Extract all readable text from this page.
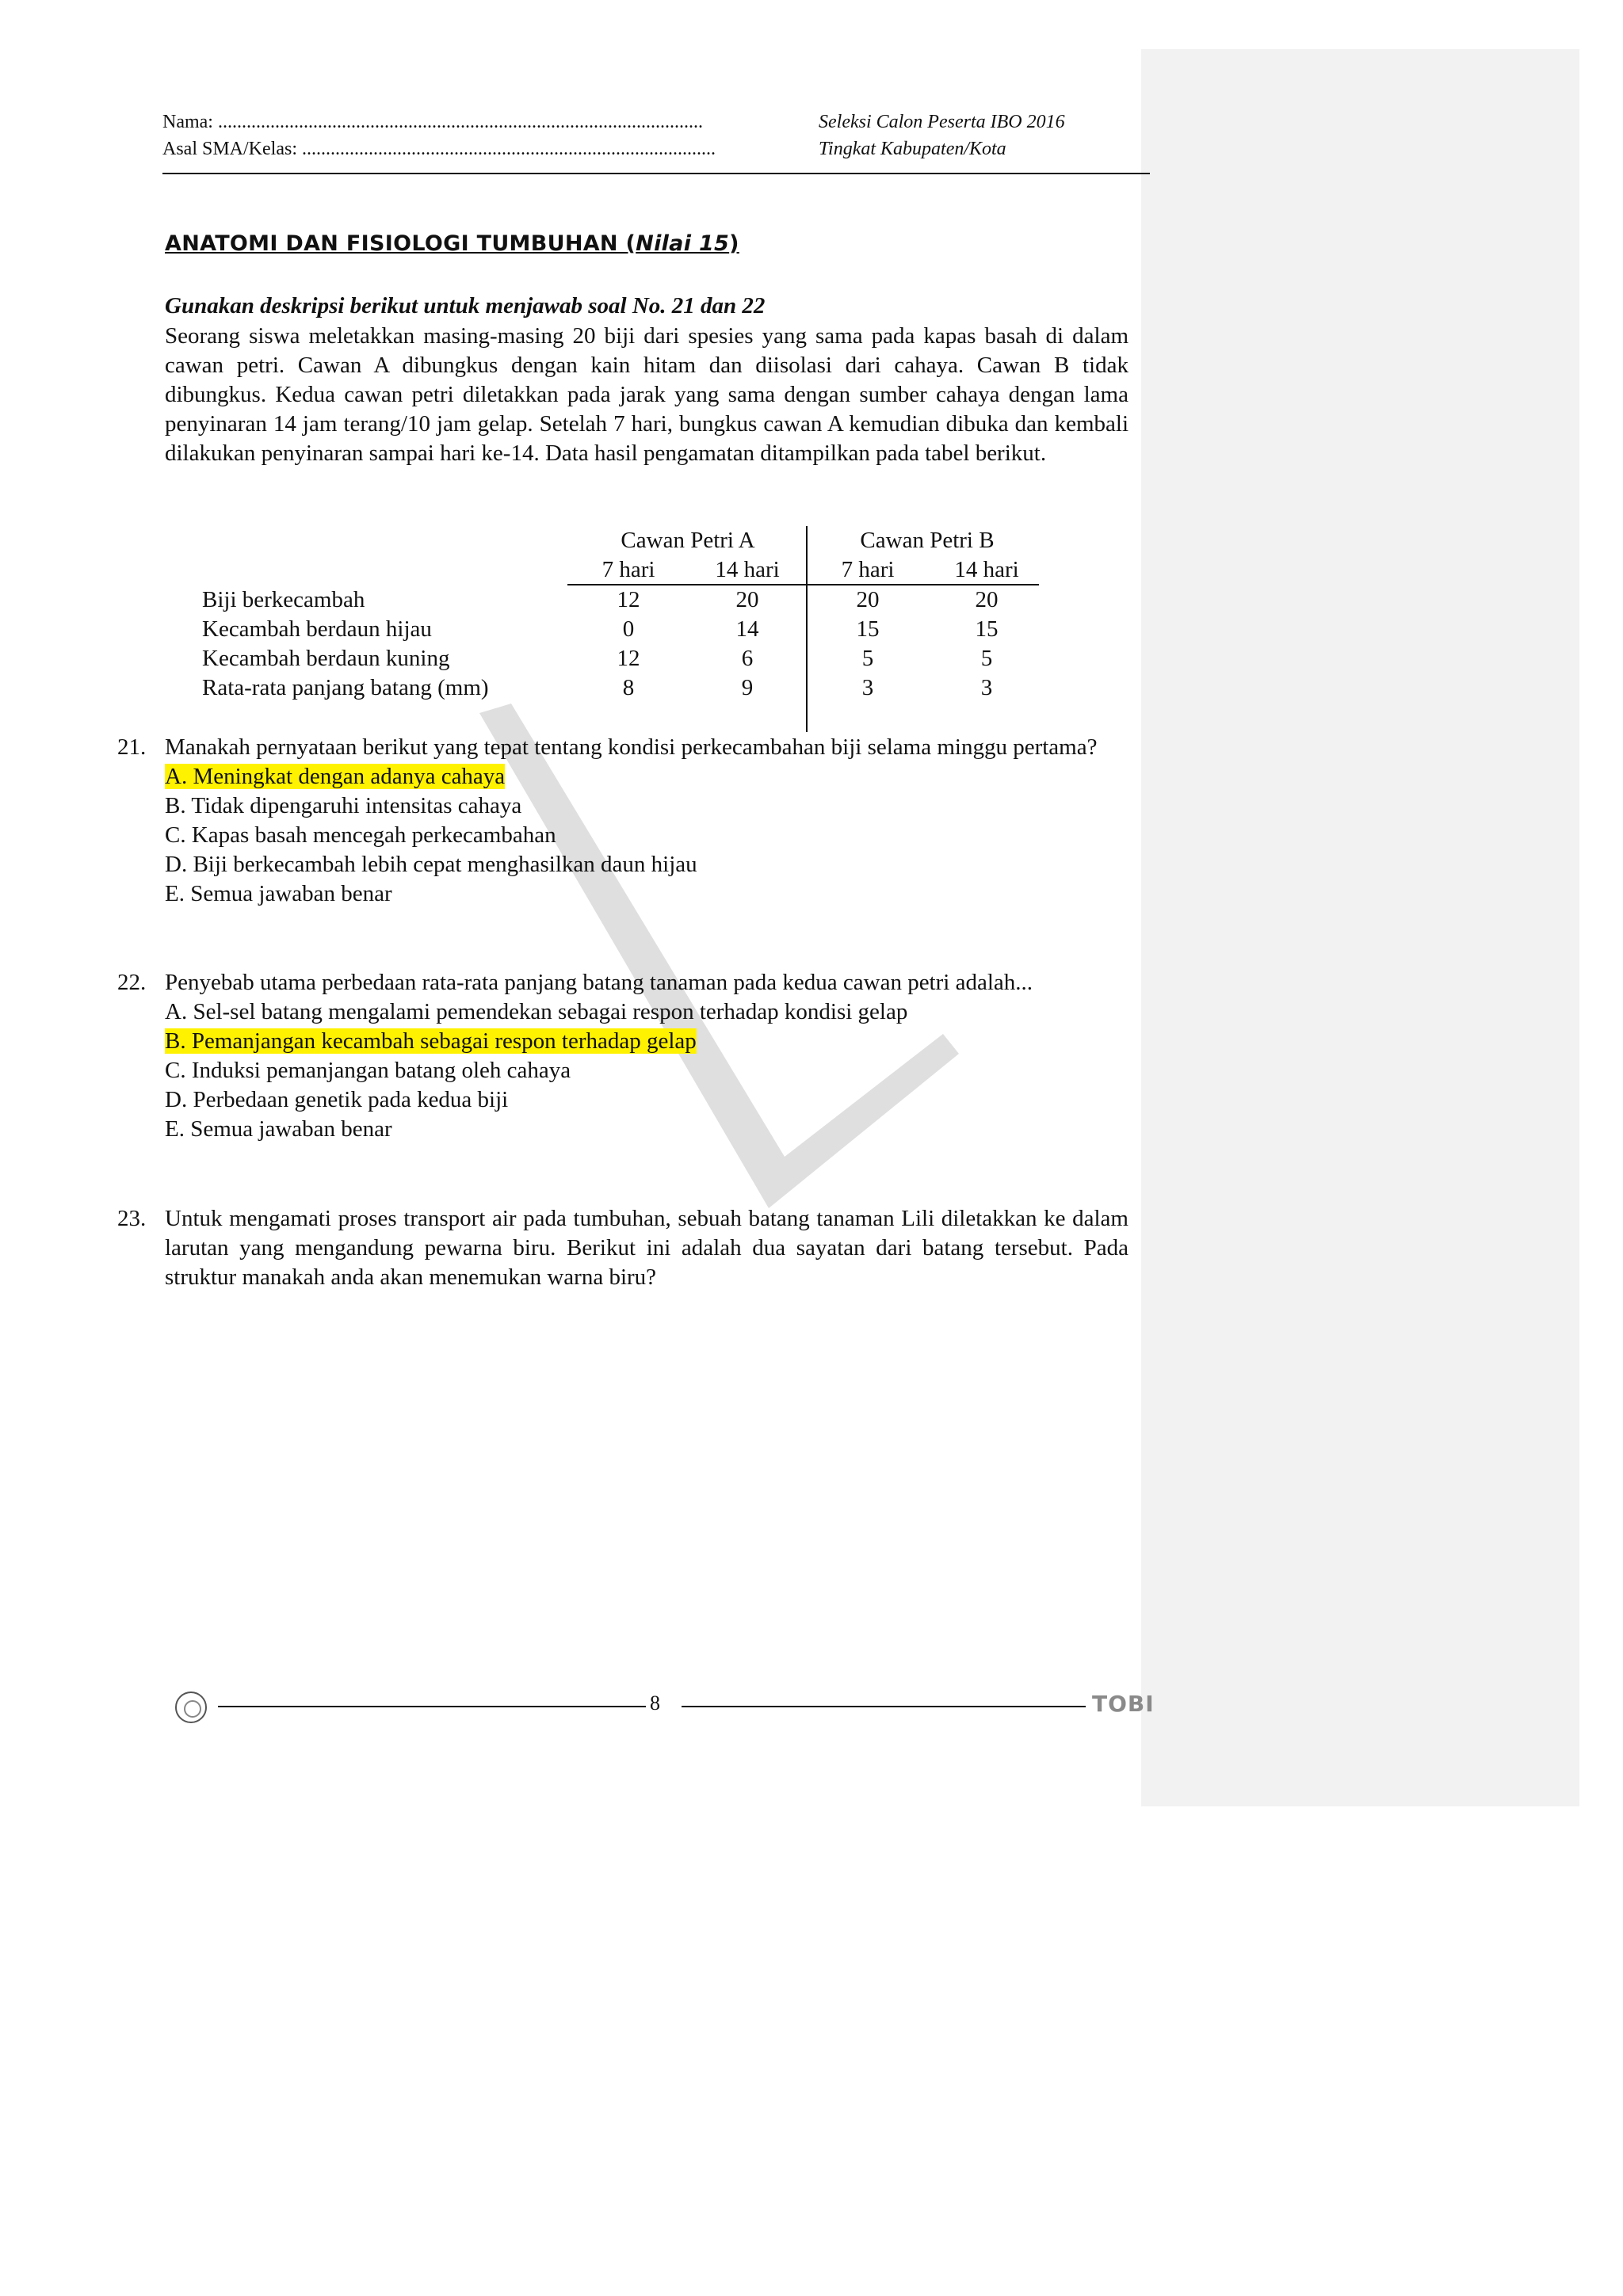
Nama: ......................................................................................................
Asal SMA/Kelas: .......................................................................................
Seleksi Calon Peserta IBO 2016
Tingkat Kabupaten/Kota
ANATOMI DAN FISIOLOGI TUMBUHAN (Nilai 15)
Gunakan deskripsi berikut untuk menjawab soal No. 21 dan 22
Seorang siswa meletakkan masing-masing 20 biji dari spesies yang sama pada kapas basah di dalam cawan petri. Cawan A dibungkus dengan kain hitam dan diisolasi dari cahaya. Cawan B tidak dibungkus. Kedua cawan petri diletakkan pada jarak yang sama dengan sumber cahaya dengan lama penyinaran 14 jam terang/10 jam gelap. Setelah 7 hari, bungkus cawan A kemudian dibuka dan kembali dilakukan penyinaran sampai hari ke-14. Data hasil pengamatan ditampilkan pada tabel berikut.
Cawan Petri A	Cawan Petri B
7 hari	14 hari	7 hari	14 hari
Biji berkecambah	12	20	20	20
Kecambah berdaun hijau	0	14	15	15
Kecambah berdaun kuning	12	6	5	5
Rata-rata panjang batang (mm)	8	9	3	3
21. Manakah pernyataan berikut yang tepat tentang kondisi perkecambahan biji selama minggu pertama?
A. Meningkat dengan adanya cahaya
B. Tidak dipengaruhi intensitas cahaya
C. Kapas basah mencegah perkecambahan
D. Biji berkecambah lebih cepat menghasilkan daun hijau
E. Semua jawaban benar
22. Penyebab utama perbedaan rata-rata panjang batang tanaman pada kedua cawan petri adalah...
A. Sel-sel batang mengalami pemendekan sebagai respon terhadap kondisi gelap
B. Pemanjangan kecambah sebagai respon terhadap gelap
C. Induksi pemanjangan batang oleh cahaya
D. Perbedaan genetik pada kedua biji
E. Semua jawaban benar
23. Untuk mengamati proses transport air pada tumbuhan, sebuah batang tanaman Lili diletakkan ke dalam larutan yang mengandung pewarna biru. Berikut ini adalah dua sayatan dari batang tersebut. Pada struktur manakah anda akan menemukan warna biru?
8	TOBI
